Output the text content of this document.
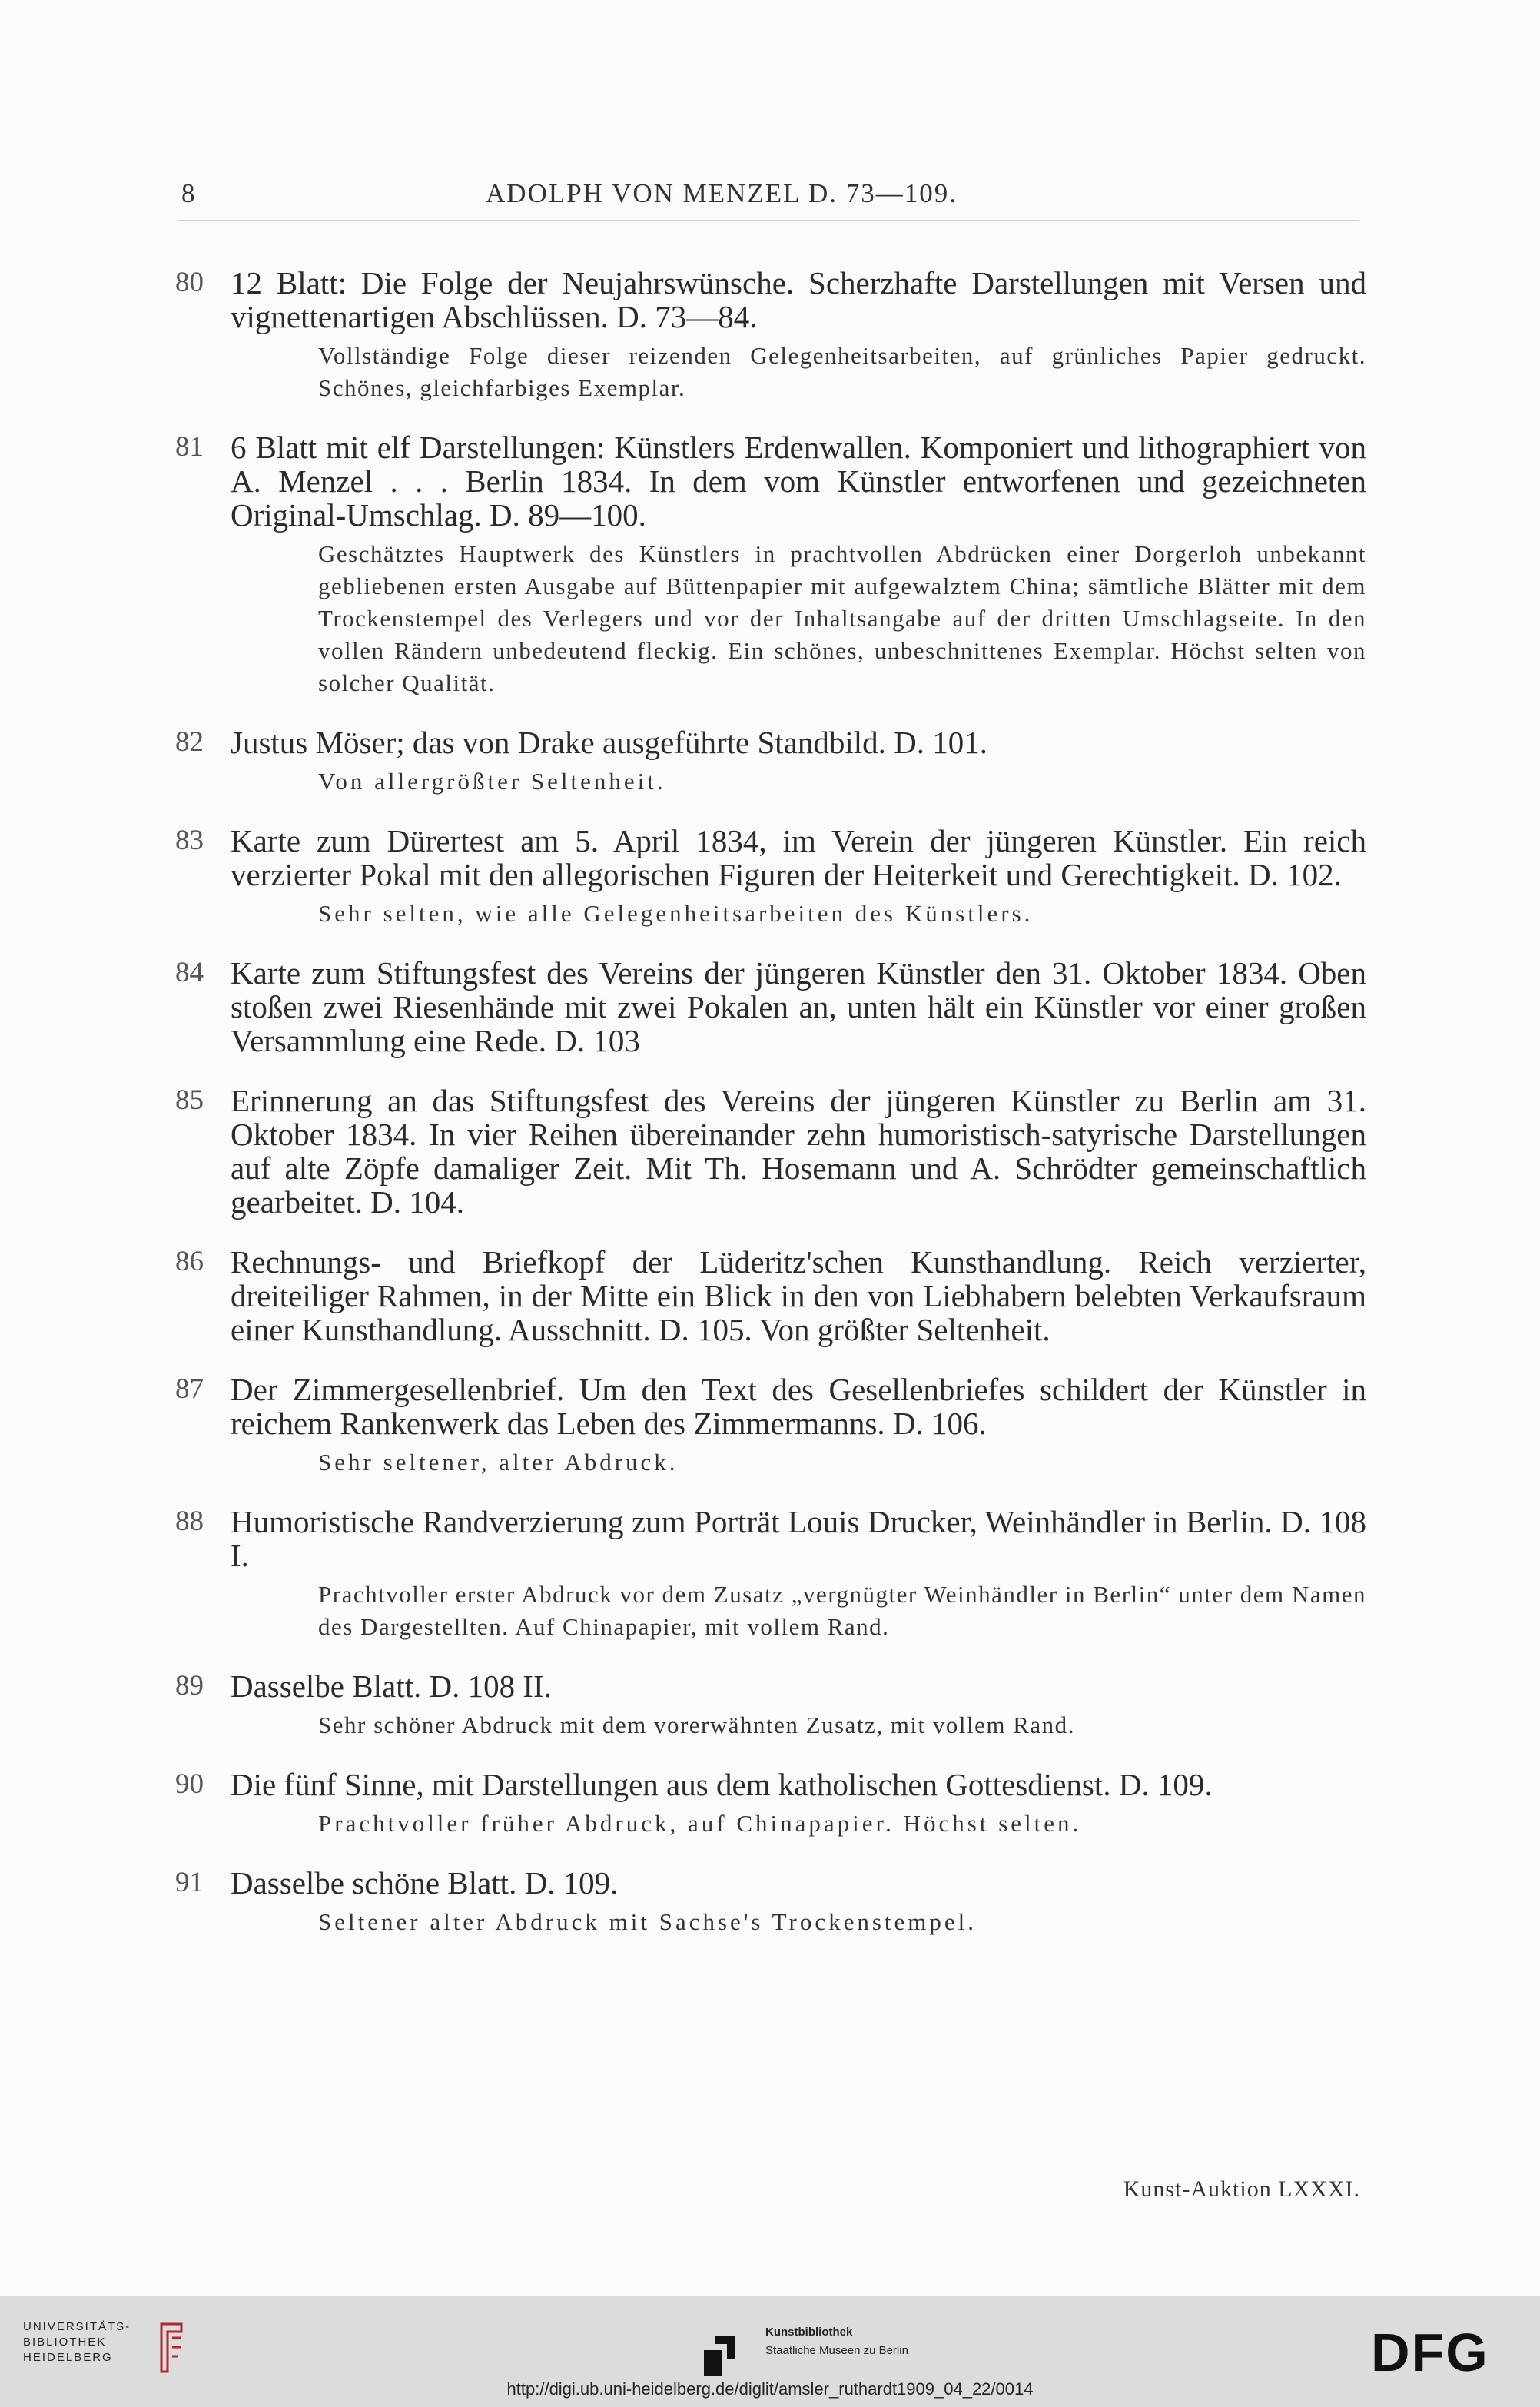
8	ADOLPH VON MENZEL D. 73—109.
80 12 Blatt: Die Folge der Neujahrswünsche. Scherzhafte Darstellungen mit Versen und vignettenartigen Abschlüssen. D. 73—84.
Vollständige Folge dieser reizenden Gelegenheitsarbeiten, auf grünliches Papier gedruckt. Schönes, gleichfarbiges Exemplar.
81 6 Blatt mit elf Darstellungen: Künstlers Erdenwallen. Komponiert und lithographiert von A. Menzel . . . Berlin 1834. In dem vom Künstler entworfenen und gezeichneten Original-Umschlag. D. 89—100.
Geschätztes Hauptwerk des Künstlers in prachtvollen Abdrücken einer Dorgerloh unbekannt gebliebenen ersten Ausgabe auf Büttenpapier mit aufgewalztem China; sämtliche Blätter mit dem Trockenstempel des Verlegers und vor der Inhaltsangabe auf der dritten Umschlagseite. In den vollen Rändern unbedeutend fleckig. Ein schönes, unbeschnittenes Exemplar. Höchst selten von solcher Qualität.
82 Justus Möser; das von Drake ausgeführte Standbild. D. 101.
Von allergrößter Seltenheit.
83 Karte zum Dürertest am 5. April 1834, im Verein der jüngeren Künstler. Ein reich verzierter Pokal mit den allegorischen Figuren der Heiterkeit und Gerechtigkeit. D. 102.
Sehr selten, wie alle Gelegenheitsarbeiten des Künstlers.
84 Karte zum Stiftungsfest des Vereins der jüngeren Künstler den 31. Oktober 1834. Oben stoßen zwei Riesenhände mit zwei Pokalen an, unten hält ein Künstler vor einer großen Versammlung eine Rede. D. 103
85 Erinnerung an das Stiftungsfest des Vereins der jüngeren Künstler zu Berlin am 31. Oktober 1834. In vier Reihen übereinander zehn humoristisch-satyrische Darstellungen auf alte Zöpfe damaliger Zeit. Mit Th. Hosemann und A. Schrödter gemeinschaftlich gearbeitet. D. 104.
86 Rechnungs- und Briefkopf der Lüderitz'schen Kunsthandlung. Reich verzierter, dreiteiliger Rahmen, in der Mitte ein Blick in den von Liebhabern belebten Verkaufsraum einer Kunsthandlung. Ausschnitt. D. 105. Von größter Seltenheit.
87 Der Zimmergesellenbrief. Um den Text des Gesellenbriefes schildert der Künstler in reichem Rankenwerk das Leben des Zimmermanns. D. 106.
Sehr seltener, alter Abdruck.
88 Humoristische Randverzierung zum Porträt Louis Drucker, Weinhändler in Berlin. D. 108 I.
Prachtvoller erster Abdruck vor dem Zusatz „vergnügter Weinhändler in Berlin“ unter dem Namen des Dargestellten. Auf Chinapapier, mit vollem Rand.
89 Dasselbe Blatt. D. 108 II.
Sehr schöner Abdruck mit dem vorerwähnten Zusatz, mit vollem Rand.
90 Die fünf Sinne, mit Darstellungen aus dem katholischen Gottesdienst. D. 109.
Prachtvoller früher Abdruck, auf Chinapapier. Höchst selten.
91 Dasselbe schöne Blatt. D. 109.
Seltener alter Abdruck mit Sachse's Trockenstempel.
Kunst-Auktion LXXXI.
UNIVERSITÄTS-
BIBLIOTHEK
HEIDELBERG
Kunstbibliothek
Staatliche Museen zu Berlin	DFG
http://digi.ub.uni-heidelberg.de/diglit/amsler_ruthardt1909_04_22/0014
